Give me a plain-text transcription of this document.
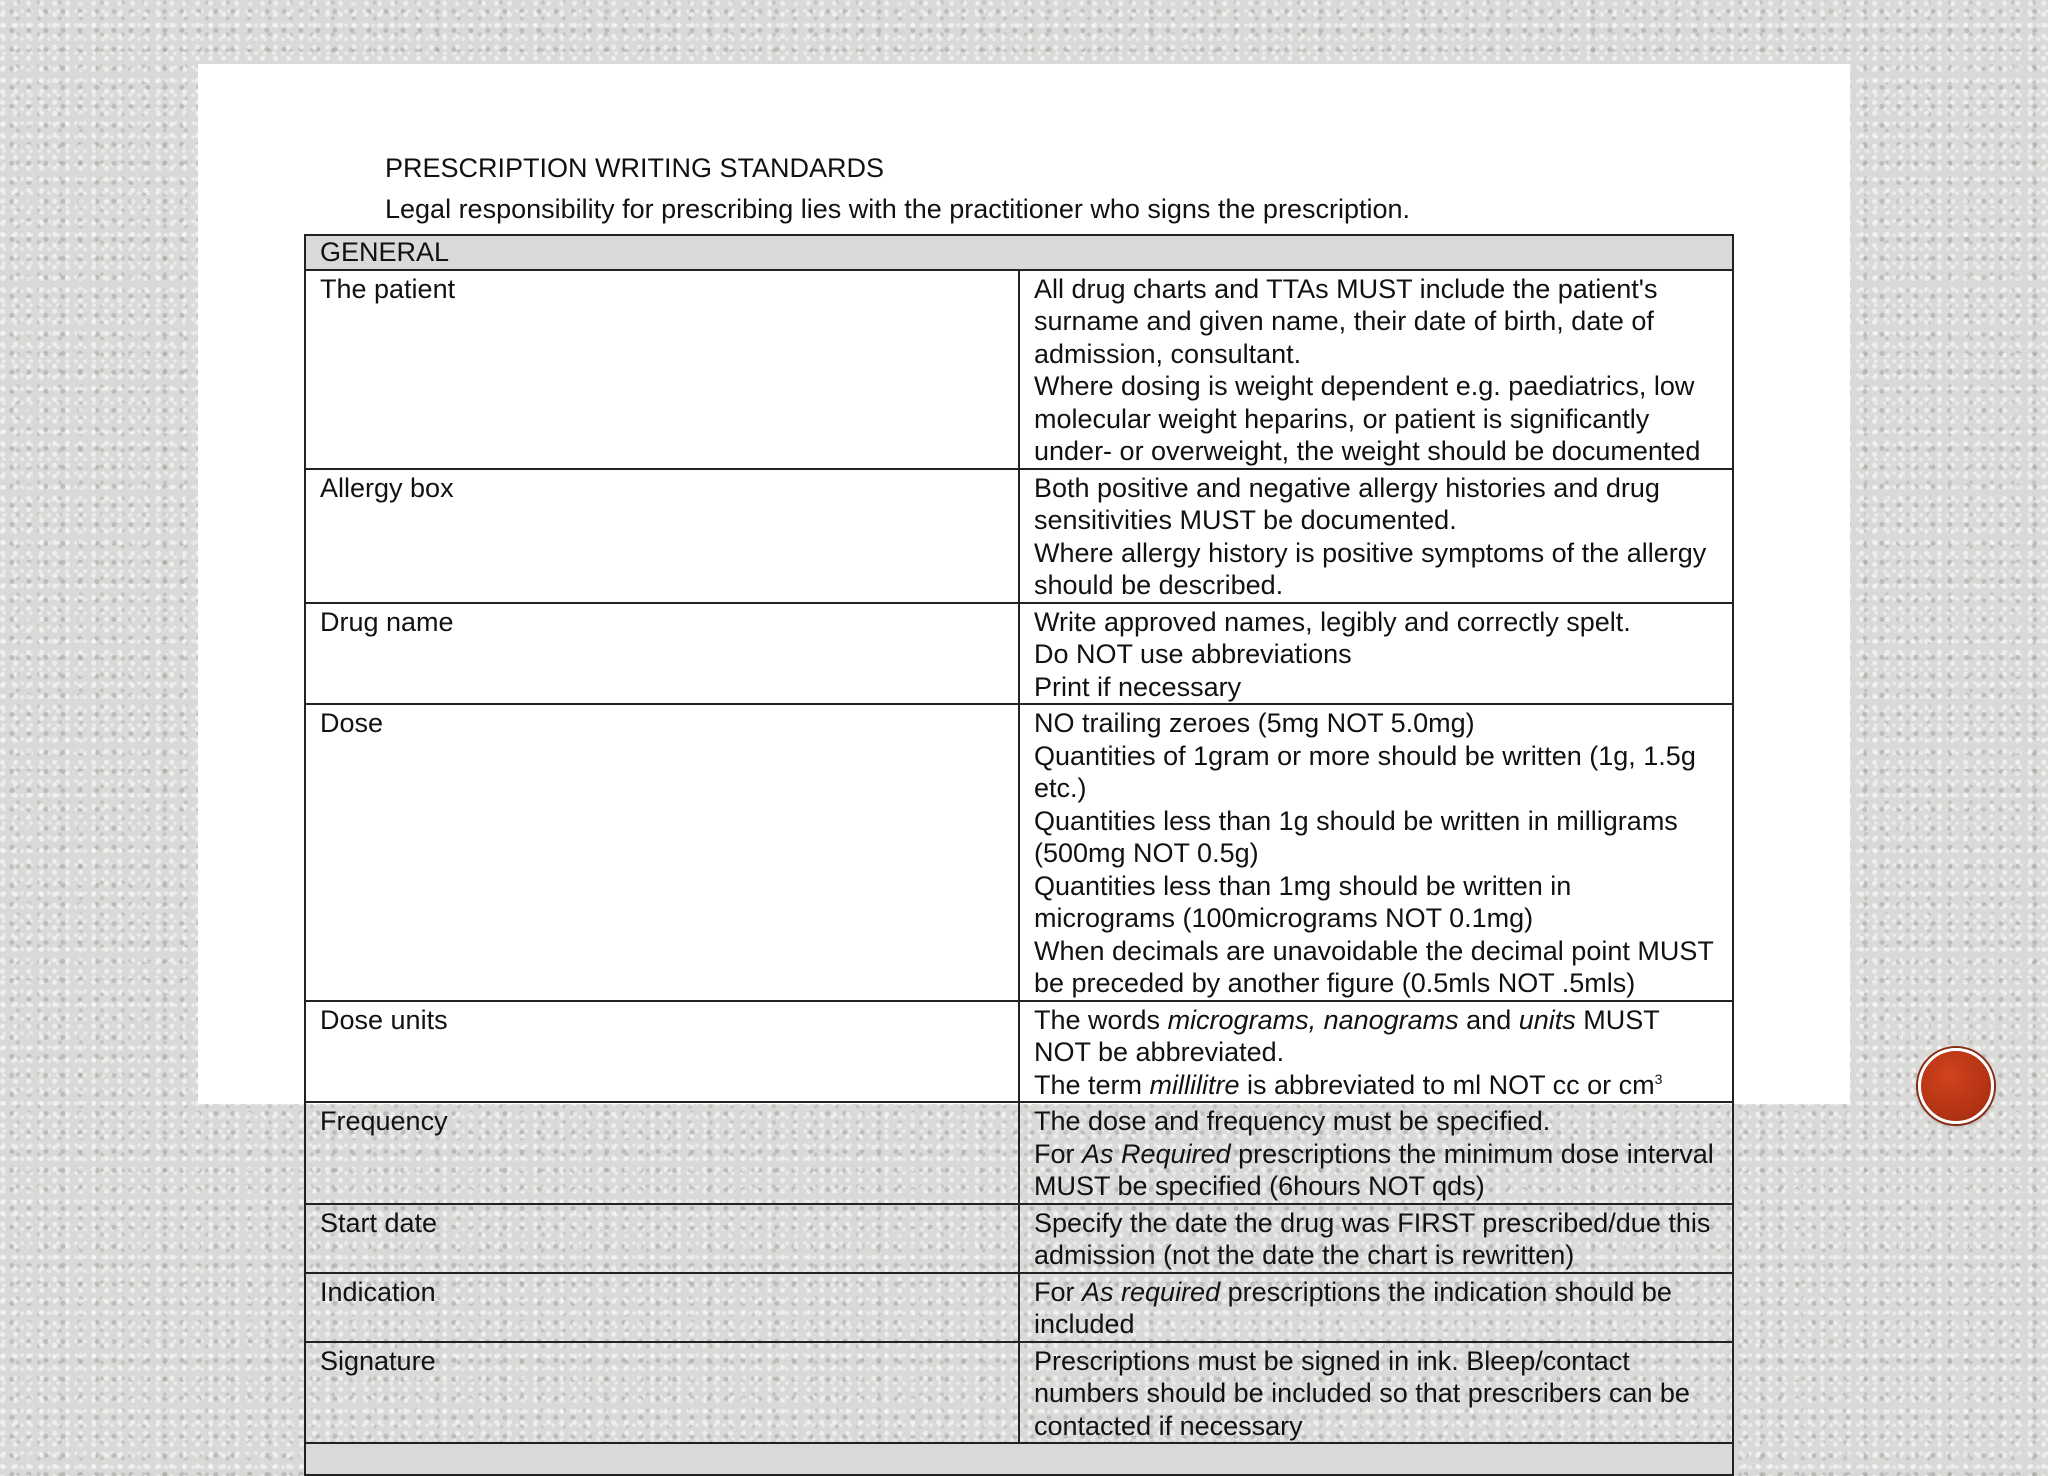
PRESCRIPTION WRITING STANDARDS
Legal responsibility for prescribing lies with the practitioner who signs the prescription.
GENERAL	
The patient	All drug charts and TTAs MUST include the patient's surname and given name, their date of birth, date of admission, consultant.
Where dosing is weight dependent e.g. paediatrics, low molecular weight heparins, or patient is significantly under- or overweight, the weight should be documented

Allergy box	Both positive and negative allergy histories and drug sensitivities MUST be documented.
Where allergy history is positive symptoms of the allergy should be described.

Drug name	Write approved names, legibly and correctly spelt.
Do NOT use abbreviations
Print if necessary

Dose	NO trailing zeroes (5mg NOT 5.0mg)
Quantities of 1gram or more should be written (1g, 1.5g etc.)
Quantities less than 1g should be written in milligrams (500mg NOT 0.5g)
Quantities less than 1mg should be written in micrograms (100micrograms NOT 0.1mg)
When decimals are unavoidable the decimal point MUST be preceded by another figure (0.5mls NOT .5mls)

Dose units	The words micrograms, nanograms and units MUST NOT be abbreviated.
The term millilitre is abbreviated to ml NOT cc or $cm^3$

Frequency	The dose and frequency must be specified.
For As Required prescriptions the minimum dose interval MUST be specified (6hours NOT qds)

Start date	Specify the date the drug was FIRST prescribed/due this admission (not the date the chart is rewritten)

Indication	For As required prescriptions the indication should be included

Signature	Prescriptions must be signed in ink. Bleep/contact numbers should be included so that prescribers can be contacted if necessary
